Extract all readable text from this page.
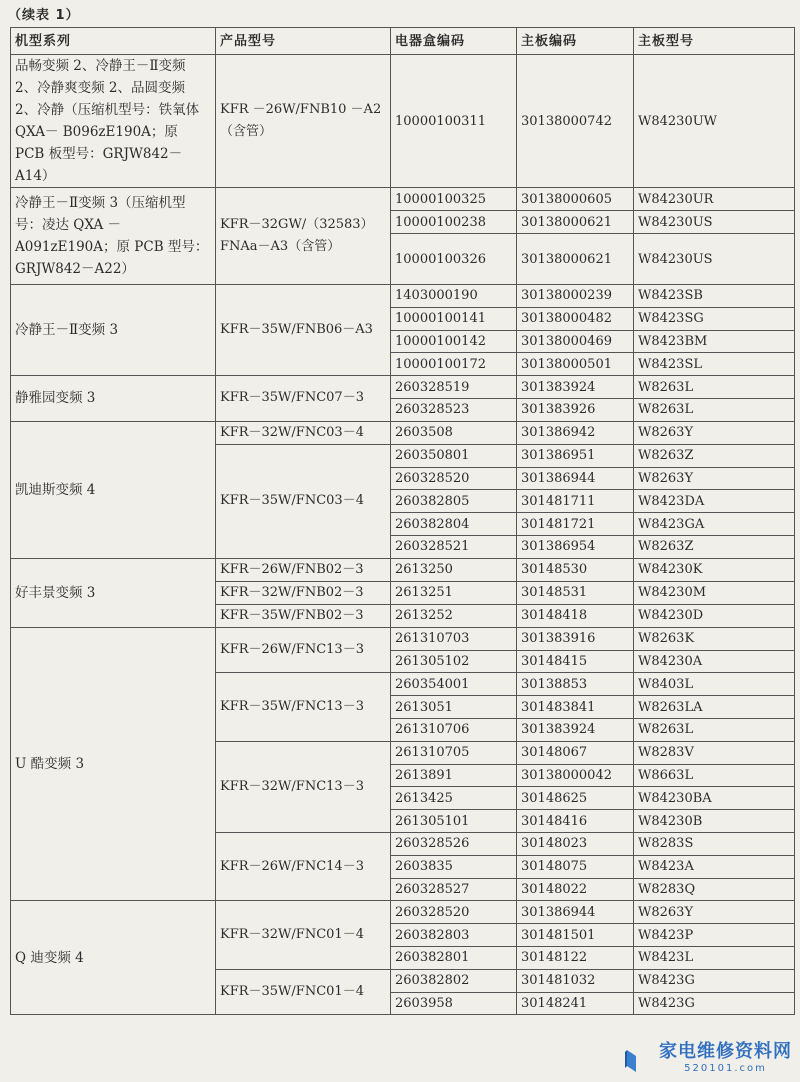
（续表 1）
机型系列	产品型号	电器盒编码	主板编码	主板型号
品畅变频 2、冷静王－Ⅱ变频 2、冷静爽变频 2、品圆变频 2、冷静（压缩机型号：铁氧体 QXA－ B096zE190A；原 PCB 板型号：GRJW842－A14）	KFR －26W/FNB10 －A2（含管）	10000100311	30138000742	W84230UW
冷静王－Ⅱ变频 3（压缩机型号：凌达 QXA － A091zE190A；原 PCB 型号：GRJW842－A22）	KFR－32GW/（32583）FNAa－A3（含管）	10000100325	30138000605	W84230UR
		10000100238	30138000621	W84230US
		10000100326	30138000621	W84230US
冷静王－Ⅱ变频 3	KFR－35W/FNB06－A3	1403000190	30138000239	W8423SB
		10000100141	30138000482	W8423SG
		10000100142	30138000469	W8423BM
		10000100172	30138000501	W8423SL
静雅园变频 3	KFR－35W/FNC07－3	260328519	301383924	W8263L
		260328523	301383926	W8263L
凯迪斯变频 4	KFR－32W/FNC03－4	2603508	301386942	W8263Y
	KFR－35W/FNC03－4	260350801	301386951	W8263Z
		260328520	301386944	W8263Y
		260382805	301481711	W8423DA
		260382804	301481721	W8423GA
		260328521	301386954	W8263Z
好丰景变频 3	KFR－26W/FNB02－3	2613250	30148530	W84230K
	KFR－32W/FNB02－3	2613251	30148531	W84230M
	KFR－35W/FNB02－3	2613252	30148418	W84230D
U 酷变频 3	KFR－26W/FNC13－3	261310703	301383916	W8263K
		261305102	30148415	W84230A
	KFR－35W/FNC13－3	260354001	30138853	W8403L
		2613051	301483841	W8263LA
		261310706	301383924	W8263L
	KFR－32W/FNC13－3	261310705	30148067	W8283V
		2613891	30138000042	W8663L
		2613425	30148625	W84230BA
		261305101	30148416	W84230B
	KFR－26W/FNC14－3	260328526	30148023	W8283S
		2603835	30148075	W8423A
		260328527	30148022	W8283Q
Q 迪变频 4	KFR－32W/FNC01－4	260328520	301386944	W8263Y
		260382803	301481501	W8423P
		260382801	30148122	W8423L
	KFR－35W/FNC01－4	260382802	301481032	W8423G
		2603958	30148241	W8423G
家电维修资料网
520101.com
